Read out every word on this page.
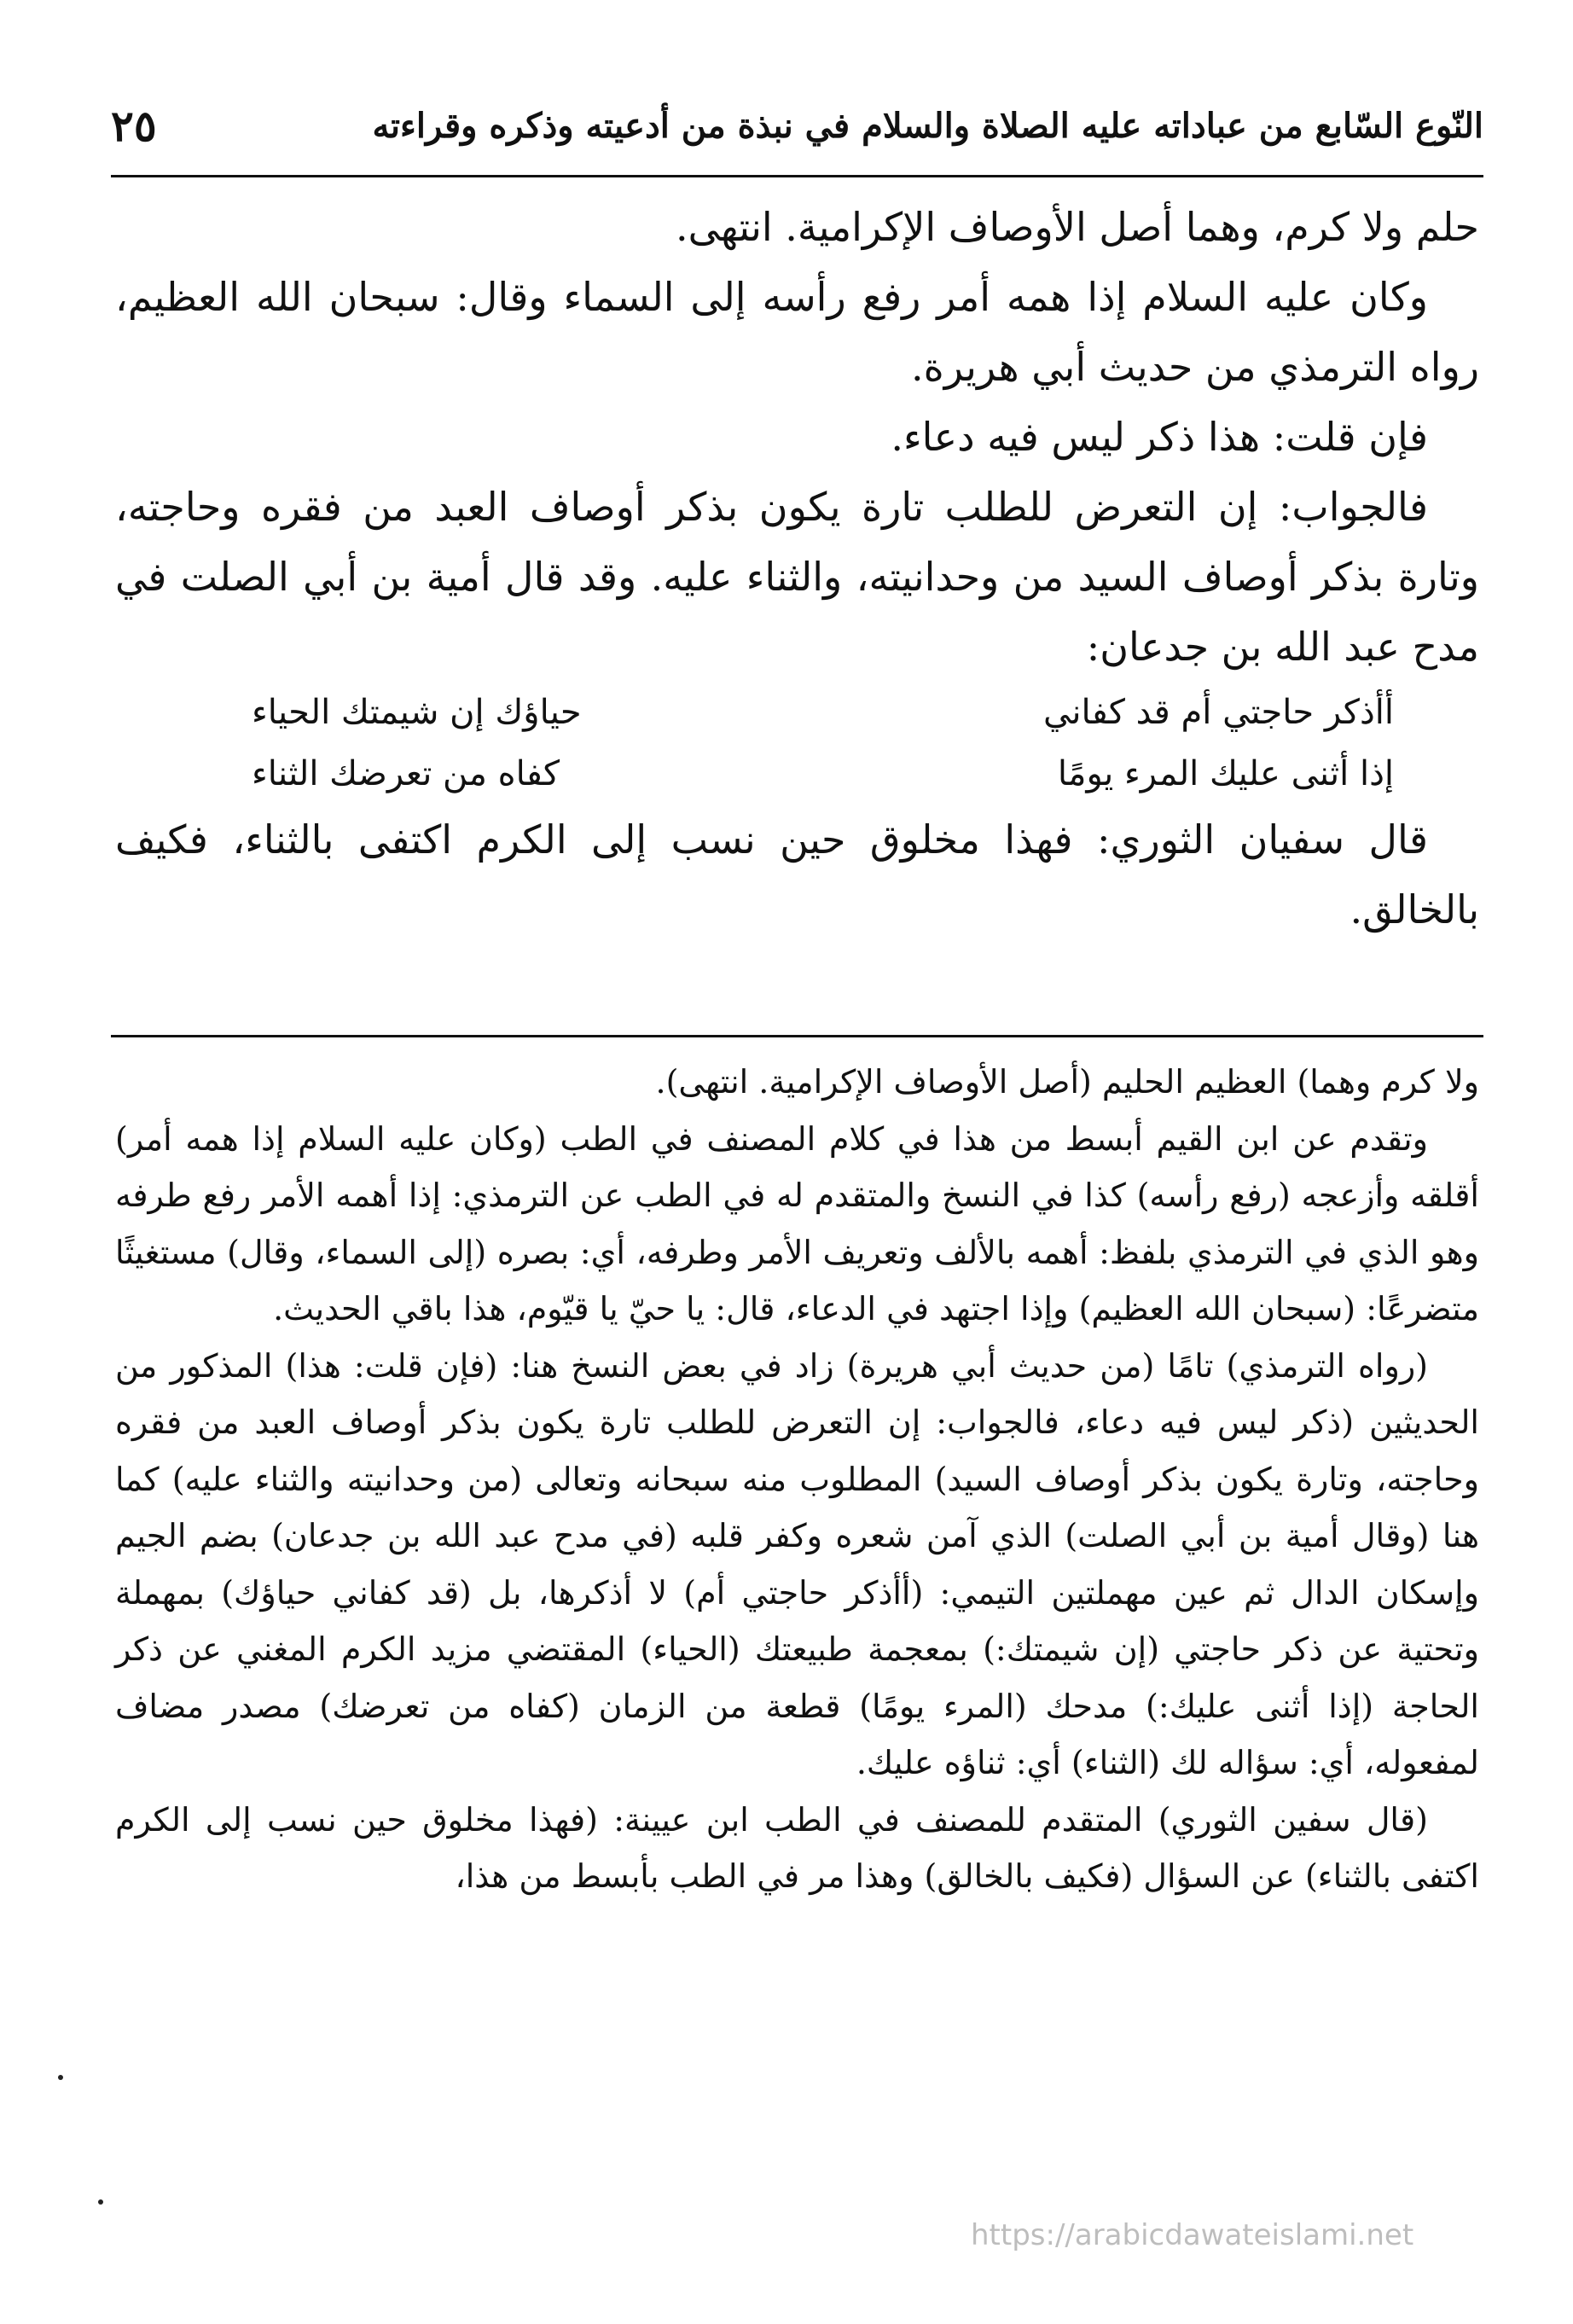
النّوع السّابع من عباداته عليه الصلاة والسلام في نبذة من أدعيته وذكره وقراءته
٢٥

حلم ولا كرم، وهما أصل الأوصاف الإكرامية. انتهى.

وكان عليه السلام إذا همه أمر رفع رأسه إلى السماء وقال: سبحان الله العظيم، رواه الترمذي من حديث أبي هريرة.

فإن قلت: هذا ذكر ليس فيه دعاء.

فالجواب: إن التعرض للطلب تارة يكون بذكر أوصاف العبد من فقره وحاجته، وتارة بذكر أوصاف السيد من وحدانيته، والثناء عليه. وقد قال أمية بن أبي الصلت في مدح عبد الله بن جدعان:

أأذكر حاجتي أم قد كفاني
حياؤك إن شيمتك الحياء
إذا أثنى عليك المرء يومًا
كفاه من تعرضك الثناء

قال سفيان الثوري: فهذا مخلوق حين نسب إلى الكرم اكتفى بالثناء، فكيف بالخالق.

ولا كرم وهما) العظيم الحليم (أصل الأوصاف الإكرامية. انتهى).

وتقدم عن ابن القيم أبسط من هذا في كلام المصنف في الطب (وكان عليه السلام إذا همه أمر) أقلقه وأزعجه (رفع رأسه) كذا في النسخ والمتقدم له في الطب عن الترمذي: إذا أهمه الأمر رفع طرفه وهو الذي في الترمذي بلفظ: أهمه بالألف وتعريف الأمر وطرفه، أي: بصره (إلى السماء، وقال) مستغيثًا متضرعًا: (سبحان الله العظيم) وإذا اجتهد في الدعاء، قال: يا حيّ يا قيّوم، هذا باقي الحديث.

(رواه الترمذي) تامًا (من حديث أبي هريرة) زاد في بعض النسخ هنا: (فإن قلت: هذا) المذكور من الحديثين (ذكر ليس فيه دعاء، فالجواب: إن التعرض للطلب تارة يكون بذكر أوصاف العبد من فقره وحاجته، وتارة يكون بذكر أوصاف السيد) المطلوب منه سبحانه وتعالى (من وحدانيته والثناء عليه) كما هنا (وقال أمية بن أبي الصلت) الذي آمن شعره وكفر قلبه (في مدح عبد الله بن جدعان) بضم الجيم وإسكان الدال ثم عين مهملتين التيمي: (أأذكر حاجتي أم) لا أذكرها، بل (قد كفاني حياؤك) بمهملة وتحتية عن ذكر حاجتي (إن شيمتك:) بمعجمة طبيعتك (الحياء) المقتضي مزيد الكرم المغني عن ذكر الحاجة (إذا أثنى عليك:) مدحك (المرء يومًا) قطعة من الزمان (كفاه من تعرضك) مصدر مضاف لمفعوله، أي: سؤاله لك (الثناء) أي: ثناؤه عليك.

(قال سفين الثوري) المتقدم للمصنف في الطب ابن عيينة: (فهذا مخلوق حين نسب إلى الكرم اكتفى بالثناء) عن السؤال (فكيف بالخالق) وهذا مر في الطب بأبسط من هذا،

https://arabicdawateislami.net
